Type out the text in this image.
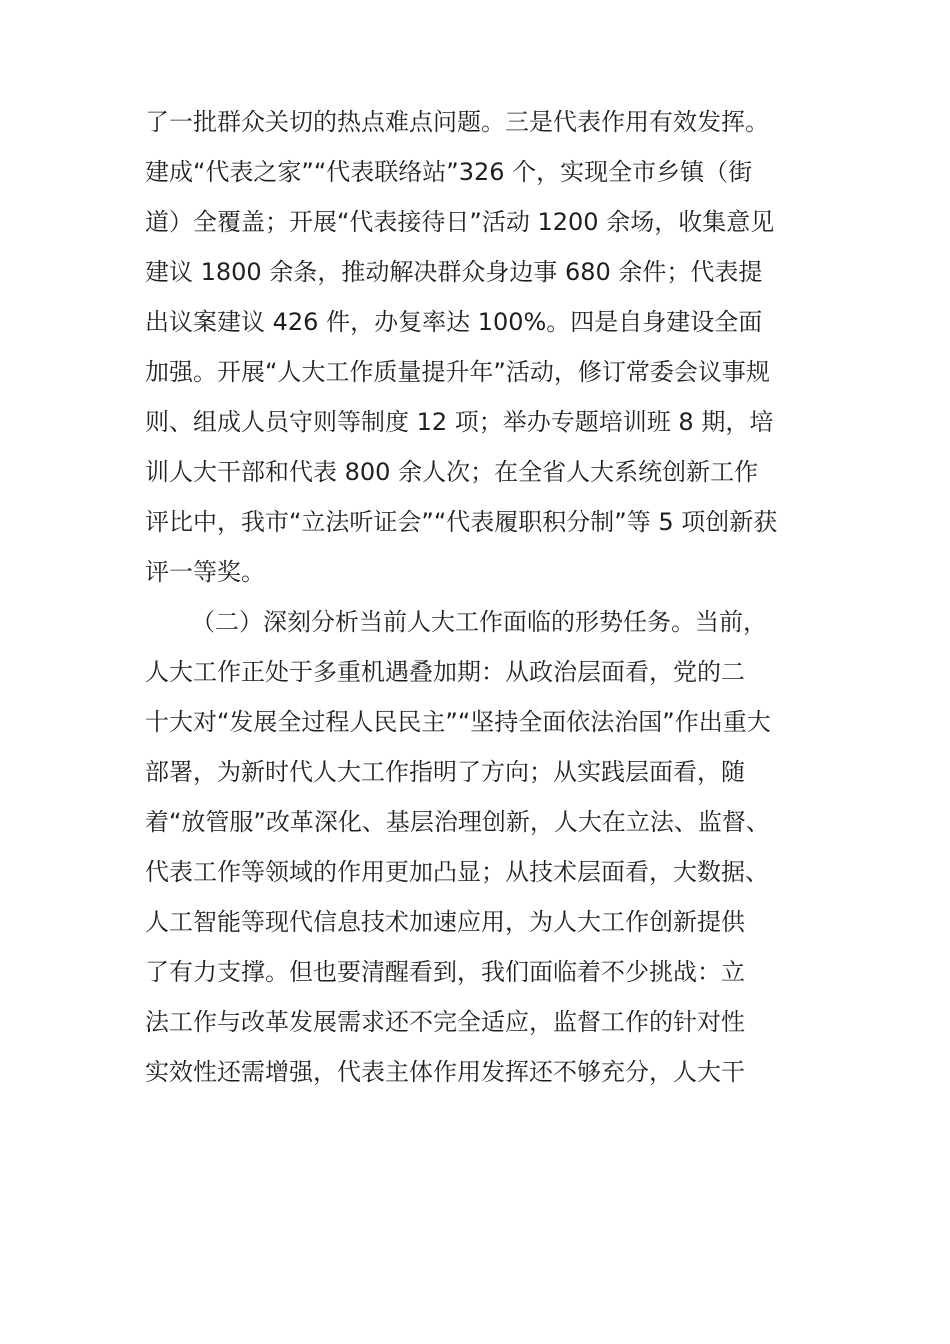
了一批群众关切的热点难点问题。三是代表作用有效发挥。
建成“代表之家”“代表联络站”326 个，实现全市乡镇（街
道）全覆盖；开展“代表接待日”活动 1200 余场，收集意见
建议 1800 余条，推动解决群众身边事 680 余件；代表提
出议案建议 426 件，办复率达 100%。四是自身建设全面
加强。开展“人大工作质量提升年”活动，修订常委会议事规
则、组成人员守则等制度 12 项；举办专题培训班 8 期，培
训人大干部和代表 800 余人次；在全省人大系统创新工作
评比中，我市“立法听证会”“代表履职积分制”等 5 项创新获
评一等奖。
（二）深刻分析当前人大工作面临的形势任务。当前，
人大工作正处于多重机遇叠加期：从政治层面看，党的二
十大对“发展全过程人民民主”“坚持全面依法治国”作出重大
部署，为新时代人大工作指明了方向；从实践层面看，随
着“放管服”改革深化、基层治理创新，人大在立法、监督、
代表工作等领域的作用更加凸显；从技术层面看，大数据、
人工智能等现代信息技术加速应用，为人大工作创新提供
了有力支撑。但也要清醒看到，我们面临着不少挑战：立
法工作与改革发展需求还不完全适应，监督工作的针对性
实效性还需增强，代表主体作用发挥还不够充分，人大干
